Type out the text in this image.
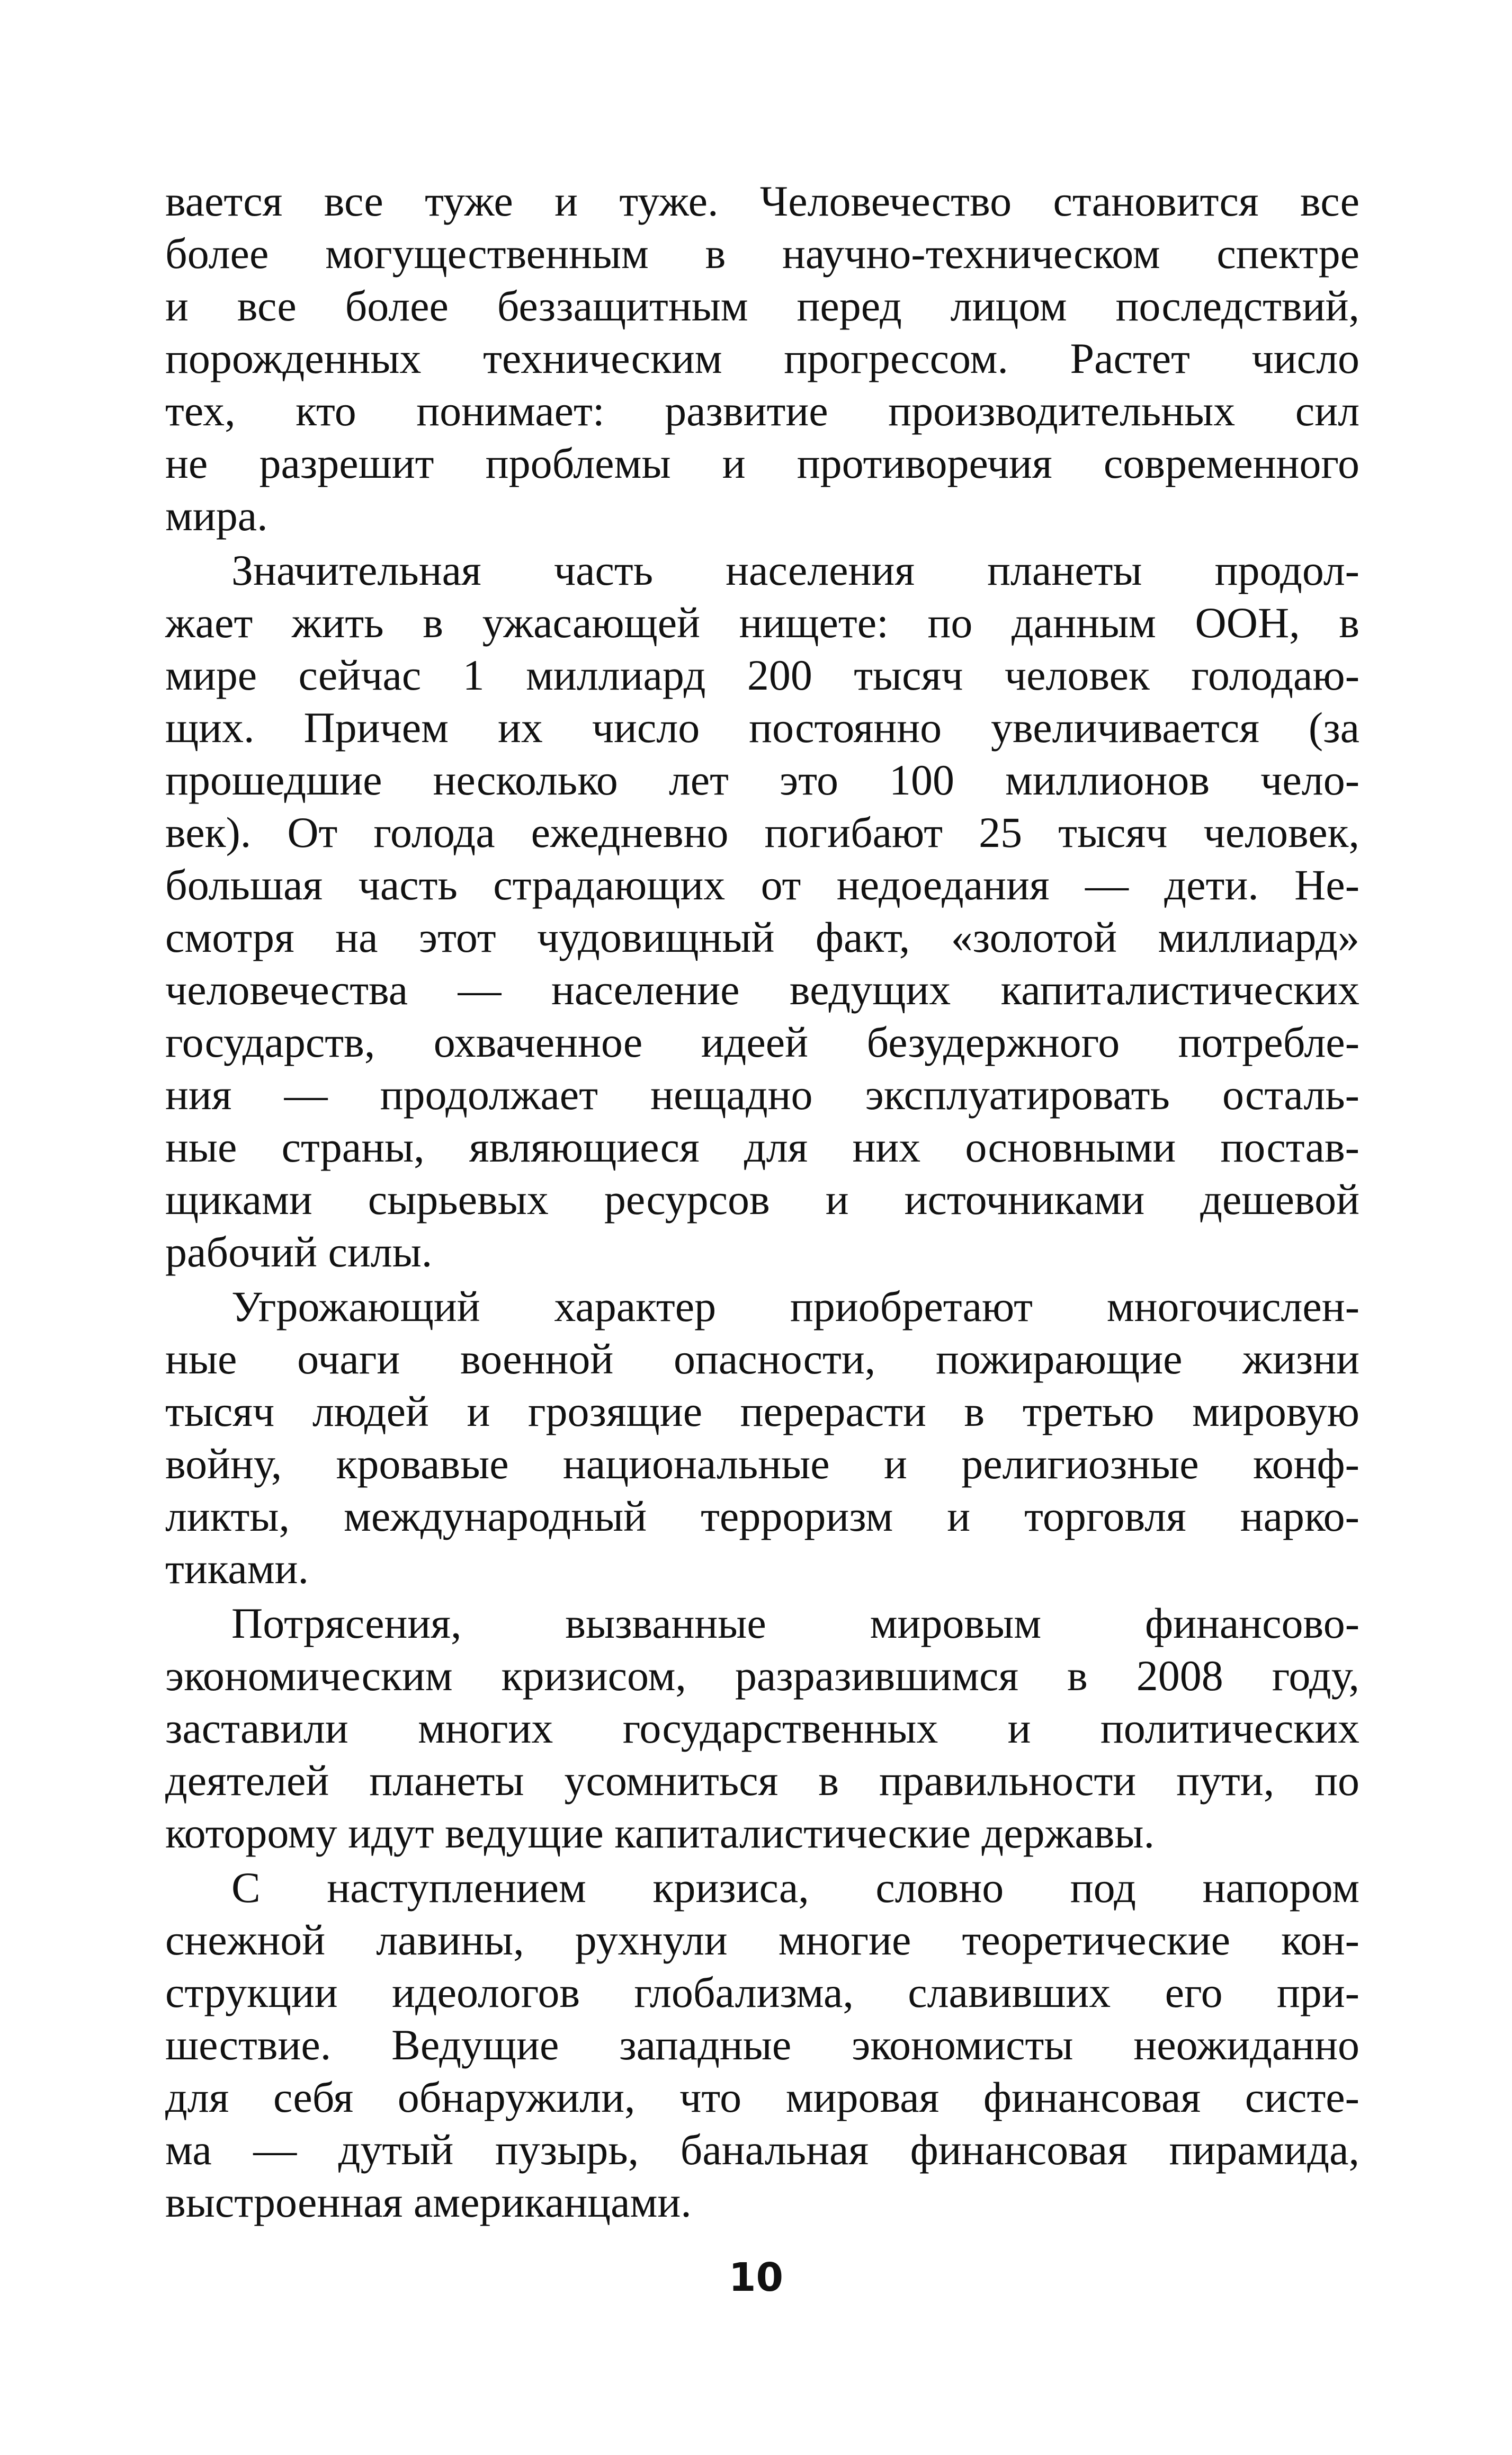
вается все туже и туже. Человечество становится все
более могущественным в научно-техническом спектре
и все более беззащитным перед лицом последствий,
порожденных техническим прогрессом. Растет число
тех, кто понимает: развитие производительных сил
не разрешит проблемы и противоречия современного
мира.
Значительная часть населения планеты продол-
жает жить в ужасающей нищете: по данным ООН, в
мире сейчас 1 миллиард 200 тысяч человек голодаю-
щих. Причем их число постоянно увеличивается (за
прошедшие несколько лет это 100 миллионов чело-
век). От голода ежедневно погибают 25 тысяч человек,
большая часть страдающих от недоедания — дети. Не-
смотря на этот чудовищный факт, «золотой миллиард»
человечества — население ведущих капиталистических
государств, охваченное идеей безудержного потребле-
ния — продолжает нещадно эксплуатировать осталь-
ные страны, являющиеся для них основными постав-
щиками сырьевых ресурсов и источниками дешевой
рабочий силы.
Угрожающий характер приобретают многочислен-
ные очаги военной опасности, пожирающие жизни
тысяч людей и грозящие перерасти в третью мировую
войну, кровавые национальные и религиозные конф-
ликты, международный терроризм и торговля нарко-
тиками.
Потрясения, вызванные мировым финансово-
экономическим кризисом, разразившимся в 2008 году,
заставили многих государственных и политических
деятелей планеты усомниться в правильности пути, по
которому идут ведущие капиталистические державы.
С наступлением кризиса, словно под напором
снежной лавины, рухнули многие теоретические кон-
струкции идеологов глобализма, славивших его при-
шествие. Ведущие западные экономисты неожиданно
для себя обнаружили, что мировая финансовая систе-
ма — дутый пузырь, банальная финансовая пирамида,
выстроенная американцами.
10
